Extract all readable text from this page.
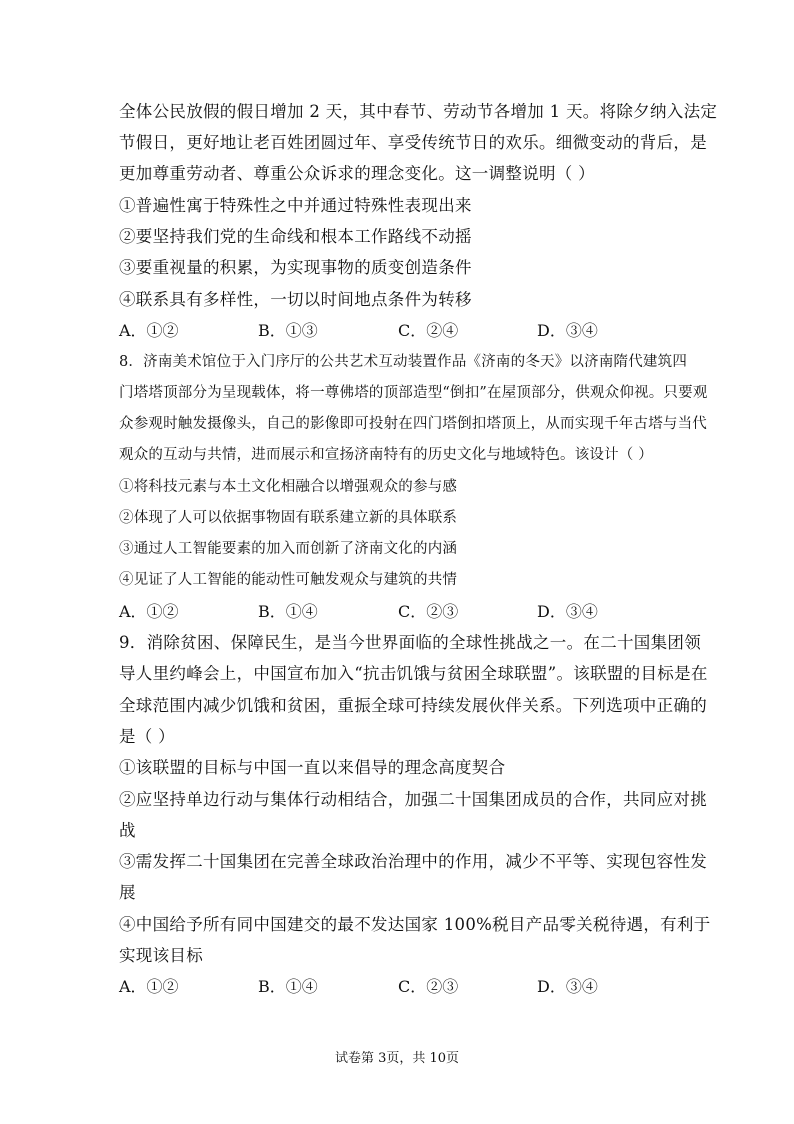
全体公民放假的假日增加 2 天，其中春节、劳动节各增加 1 天。将除夕纳入法定
节假日，更好地让老百姓团圆过年、享受传统节日的欢乐。细微变动的背后，是
更加尊重劳动者、尊重公众诉求的理念变化。这一调整说明（ ）
①普遍性寓于特殊性之中并通过特殊性表现出来
②要坚持我们党的生命线和根本工作路线不动摇
③要重视量的积累，为实现事物的质变创造条件
④联系具有多样性，一切以时间地点条件为转移
A．①②	B．①③	C．②④	D．③④
8．济南美术馆位于入门序厅的公共艺术互动装置作品《济南的冬天》以济南隋代建筑四
门塔塔顶部分为呈现载体，将一尊佛塔的顶部造型“倒扣”在屋顶部分，供观众仰视。只要观
众参观时触发摄像头，自己的影像即可投射在四门塔倒扣塔顶上，从而实现千年古塔与当代
观众的互动与共情，进而展示和宣扬济南特有的历史文化与地域特色。该设计（ ）
①将科技元素与本土文化相融合以增强观众的参与感
②体现了人可以依据事物固有联系建立新的具体联系
③通过人工智能要素的加入而创新了济南文化的内涵
④见证了人工智能的能动性可触发观众与建筑的共情
A．①②	B．①④	C．②③	D．③④
9．消除贫困、保障民生，是当今世界面临的全球性挑战之一。在二十国集团领
导人里约峰会上，中国宣布加入“抗击饥饿与贫困全球联盟”。该联盟的目标是在
全球范围内减少饥饿和贫困，重振全球可持续发展伙伴关系。下列选项中正确的
是（ ）
①该联盟的目标与中国一直以来倡导的理念高度契合
②应坚持单边行动与集体行动相结合，加强二十国集团成员的合作，共同应对挑
战
③需发挥二十国集团在完善全球政治治理中的作用，减少不平等、实现包容性发
展
④中国给予所有同中国建交的最不发达国家 100%税目产品零关税待遇，有利于
实现该目标
A．①②	B．①④	C．②③	D．③④
试卷第 3页，共 10页
